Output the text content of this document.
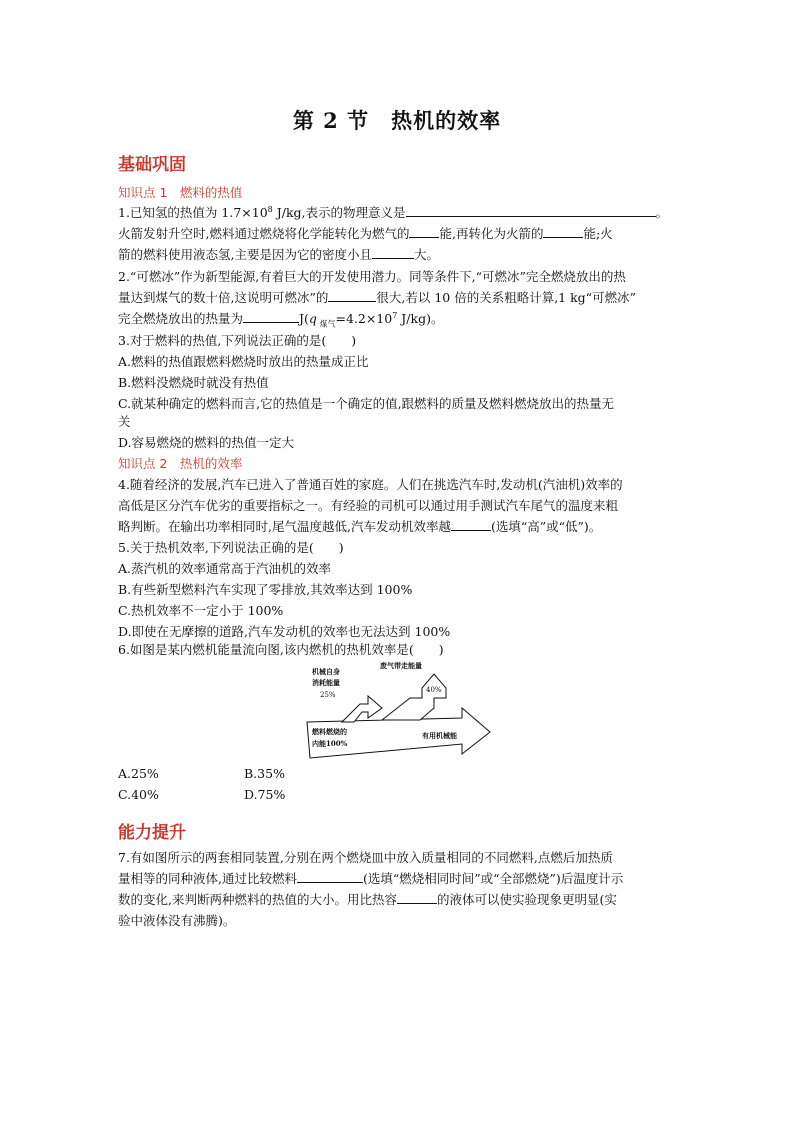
第 2 节　热机的效率
基础巩固
知识点 1　燃料的热值
1.已知氢的热值为 $1.7\times 10^8$ J/kg,表示的物理意义是	。
火箭发射升空时,燃料通过燃烧将化学能转化为燃气的 能,再转化为火箭的	能;火
箭的燃料使用液态氢,主要是因为它的密度小且	大。
2.“可燃冰”作为新型能源,有着巨大的开发使用潜力。同等条件下,“可燃冰”完全燃烧放出的热
量达到煤气的数十倍,这说明可燃冰”的	很大,若以 10 倍的关系粗略计算,1 kg“可燃冰”
完全燃烧放出的热量为	J(q $_{煤气}=4.2\times 10^7$ J/kg)。
3.对于燃料的热值,下列说法正确的是(　　)
A.燃料的热值跟燃料燃烧时放出的热量成正比
B.燃料没燃烧时就没有热值
C.就某种确定的燃料而言,它的热值是一个确定的值,跟燃料的质量及燃料燃烧放出的热量无
关
D.容易燃烧的燃料的热值一定大
知识点 2　热机的效率
4.随着经济的发展,汽车已进入了普通百姓的家庭。人们在挑选汽车时,发动机(汽油机)效率的
高低是区分汽车优劣的重要指标之一。有经验的司机可以通过用手测试汽车尾气的温度来粗
略判断。在输出功率相同时,尾气温度越低,汽车发动机效率越	(选填“高”或“低”)。
5.关于热机效率,下列说法正确的是(　　)
A.蒸汽机的效率通常高于汽油机的效率
B.有些新型燃料汽车实现了零排放,其效率达到 100%
C.热机效率不一定小于 100%
D.即使在无摩擦的道路,汽车发动机的效率也无法达到 100%
6.如图是某内燃机能量流向图,该内燃机的热机效率是(　　)
机械自身
消耗能量
25%
废气带走能量
40%
燃料燃烧的
内能100%
有用机械能
A.25%	B.35%
C.40%	D.75%
能力提升
7.有如图所示的两套相同装置,分别在两个燃烧皿中放入质量相同的不同燃料,点燃后加热质
量相等的同种液体,通过比较燃料	(选填“燃烧相同时间”或“全部燃烧”)后温度计示
数的变化,来判断两种燃料的热值的大小。用比热容	的液体可以使实验现象更明显(实
验中液体没有沸腾)。
